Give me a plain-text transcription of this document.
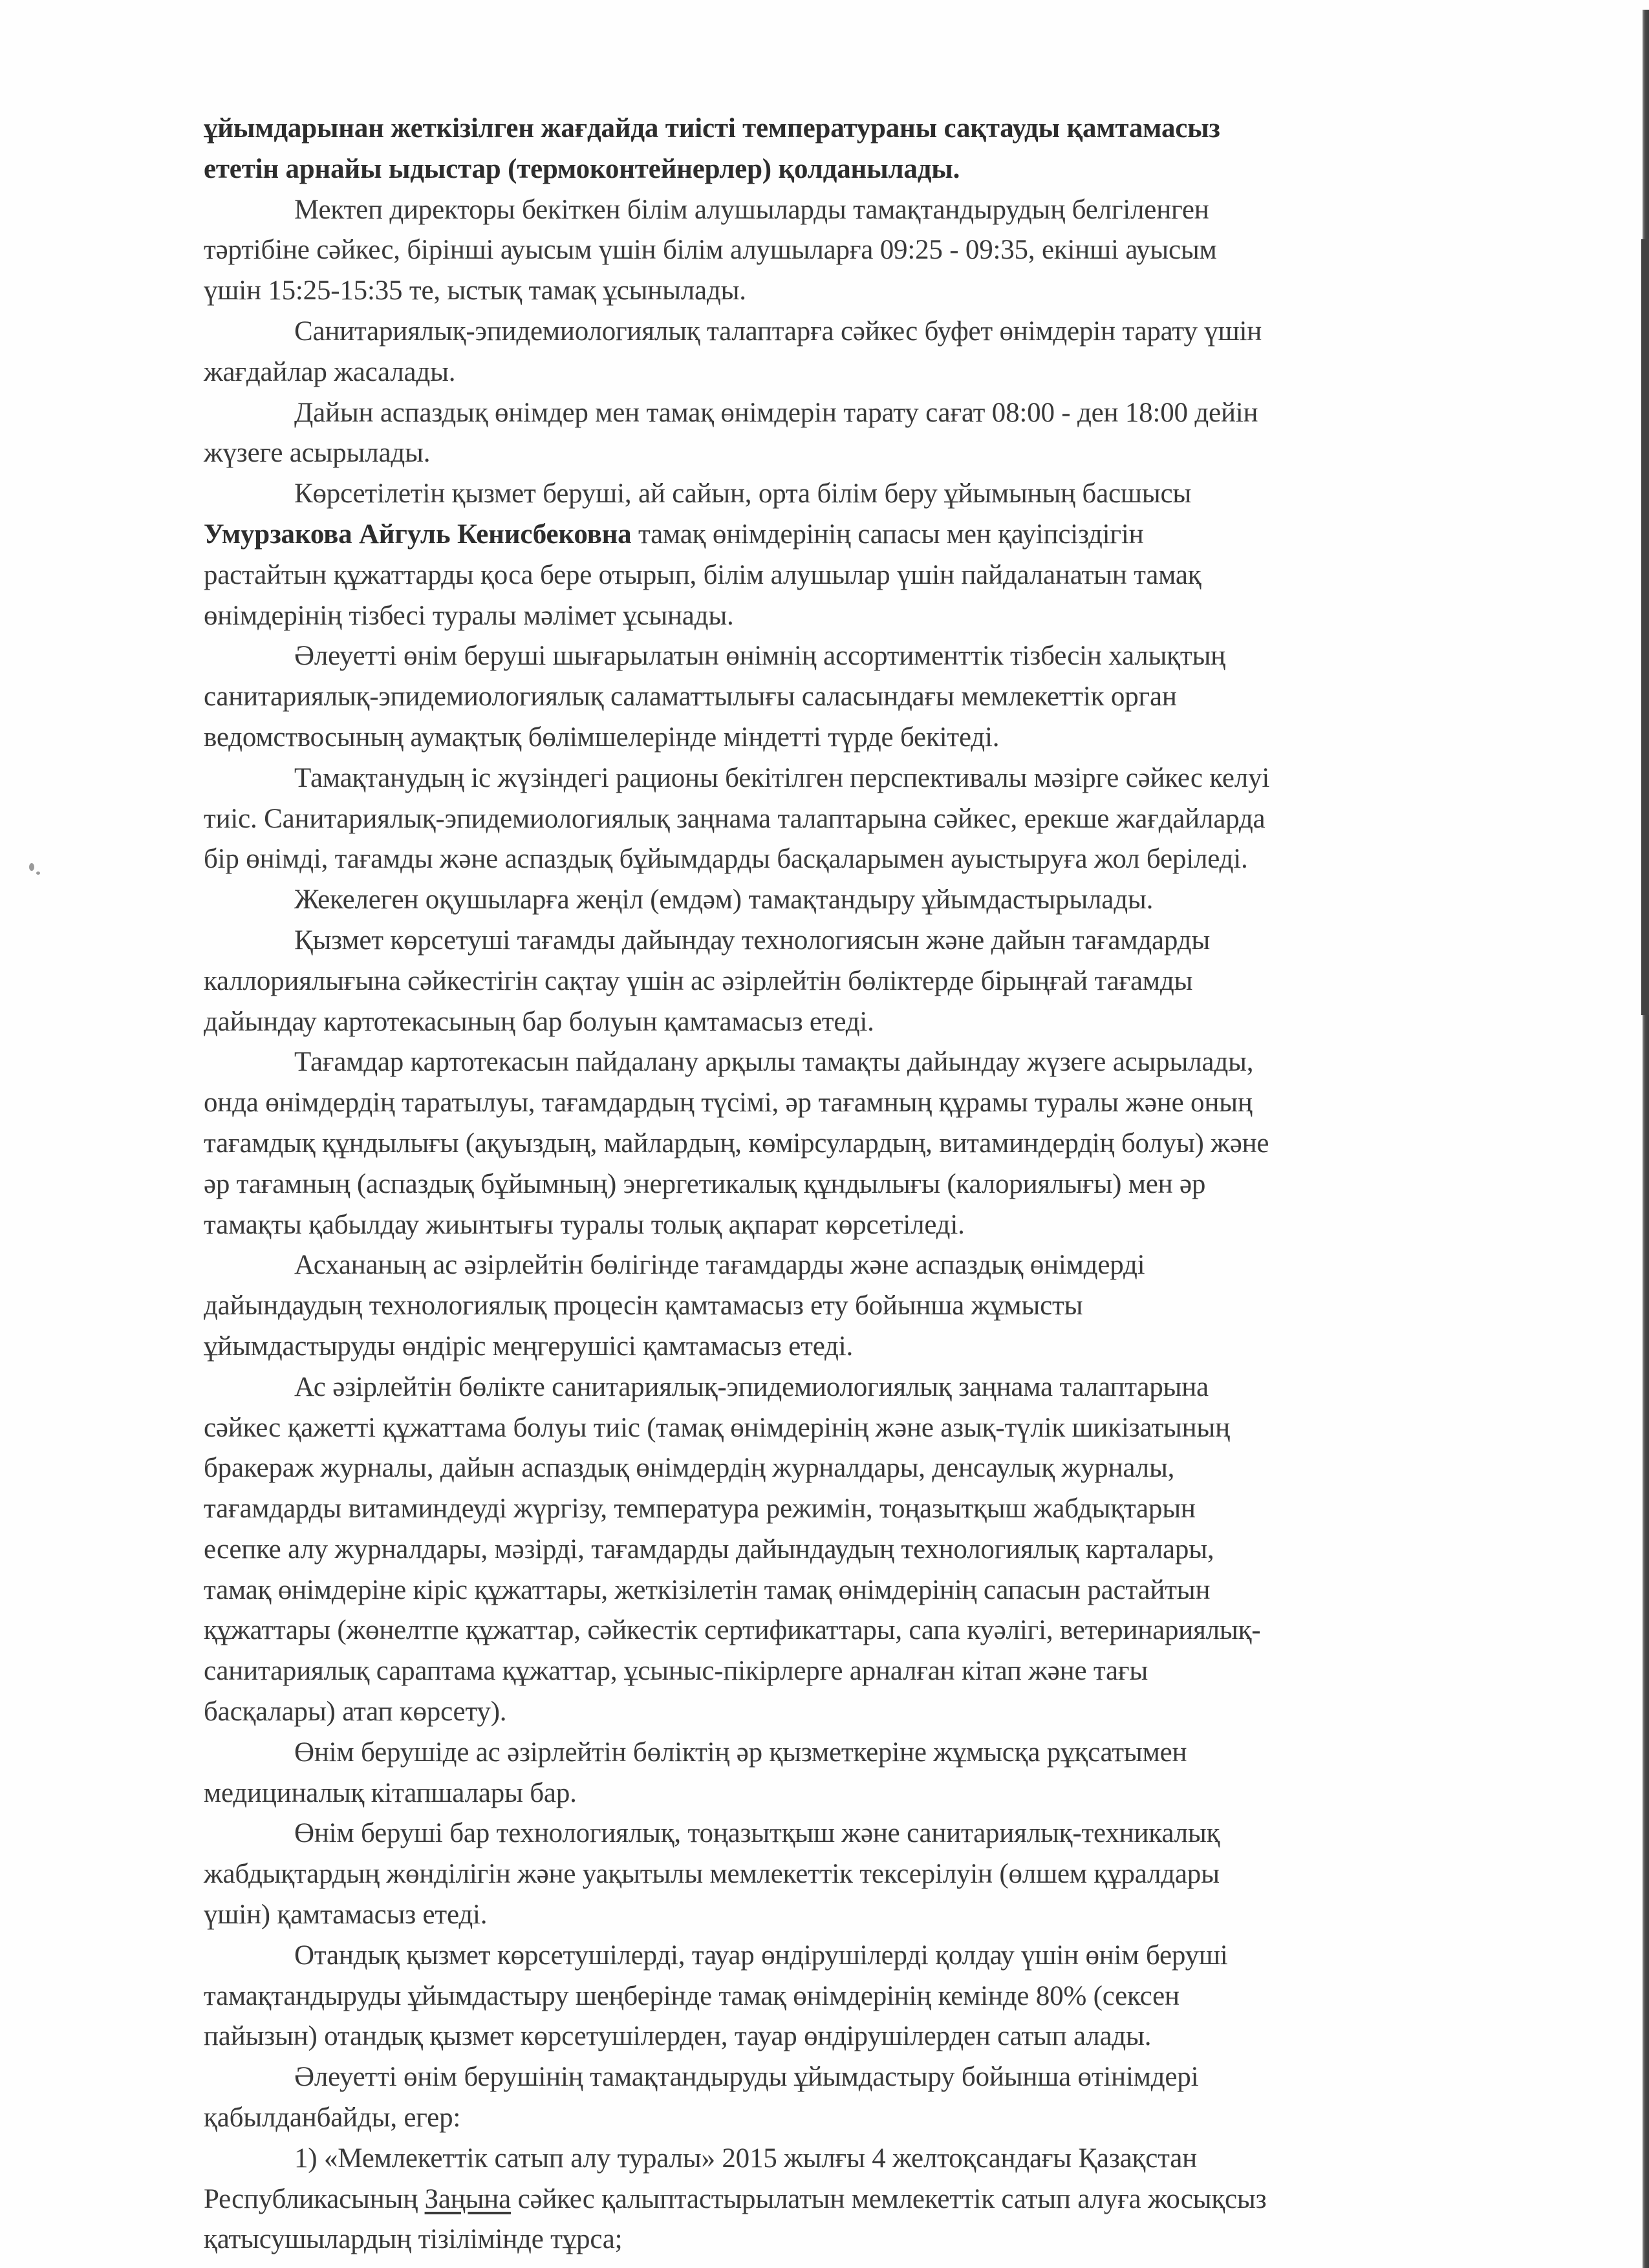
ұйымдарынан жеткізілген жағдайда тиісті температураны сақтауды қамтамасыз
ететін арнайы ыдыстар (термоконтейнерлер) қолданылады.
Мектеп директоры бекіткен білім алушыларды тамақтандырудың белгіленген
тәртібіне сәйкес, бірінші ауысым үшін білім алушыларға 09:25 - 09:35, екінші ауысым
үшін 15:25-15:35 те, ыстық тамақ ұсынылады.
Санитариялық-эпидемиологиялық талаптарға сәйкес буфет өнімдерін тарату үшін
жағдайлар жасалады.
Дайын аспаздық өнімдер мен тамақ өнімдерін тарату сағат 08:00 - ден 18:00 дейін
жүзеге асырылады.
Көрсетілетін қызмет беруші, ай сайын, орта білім беру ұйымының басшысы
Умурзакова Айгуль Кенисбековна тамақ өнімдерінің сапасы мен қауіпсіздігін
растайтын құжаттарды қоса бере отырып, білім алушылар үшін пайдаланатын тамақ
өнімдерінің тізбесі туралы мәлімет ұсынады.
Әлеуетті өнім беруші шығарылатын өнімнің ассортименттік тізбесін халықтың
санитариялық-эпидемиологиялық саламаттылығы саласындағы мемлекеттік орган
ведомствосының аумақтық бөлімшелерінде міндетті түрде бекітеді.
Тамақтанудың іс жүзіндегі рационы бекітілген перспективалы мәзірге сәйкес келуі
тиіс. Санитариялық-эпидемиологиялық заңнама талаптарына сәйкес, ерекше жағдайларда
бір өнімді, тағамды және аспаздық бұйымдарды басқаларымен ауыстыруға жол беріледі.
Жекелеген оқушыларға жеңіл (емдәм) тамақтандыру ұйымдастырылады.
Қызмет көрсетуші тағамды дайындау технологиясын және дайын тағамдарды
каллориялығына сәйкестігін сақтау үшін ас әзірлейтін бөліктерде бірыңғай тағамды
дайындау картотекасының бар болуын қамтамасыз етеді.
Тағамдар картотекасын пайдалану арқылы тамақты дайындау жүзеге асырылады,
онда өнімдердің таратылуы, тағамдардың түсімі, әр тағамның құрамы туралы және оның
тағамдық құндылығы (ақуыздың, майлардың, көмірсулардың, витаминдердің болуы) және
әр тағамның (аспаздық бұйымның) энергетикалық құндылығы (калориялығы) мен әр
тамақты қабылдау жиынтығы туралы толық ақпарат көрсетіледі.
Асхананың ас әзірлейтін бөлігінде тағамдарды және аспаздық өнімдерді
дайындаудың технологиялық процесін қамтамасыз ету бойынша жұмысты
ұйымдастыруды өндіріс меңгерушісі қамтамасыз етеді.
Ас әзірлейтін бөлікте санитариялық-эпидемиологиялық заңнама талаптарына
сәйкес қажетті құжаттама болуы тиіс (тамақ өнімдерінің және азық-түлік шикізатының
бракераж журналы, дайын аспаздық өнімдердің журналдары, денсаулық журналы,
тағамдарды витаминдеуді жүргізу, температура режимін, тоңазытқыш жабдықтарын
есепке алу журналдары, мәзірді, тағамдарды дайындаудың технологиялық карталары,
тамақ өнімдеріне кіріс құжаттары, жеткізілетін тамақ өнімдерінің сапасын растайтын
құжаттары (жөнелтпе құжаттар, сәйкестік сертификаттары, сапа куәлігі, ветеринариялық-
санитариялық сараптама құжаттар, ұсыныс-пікірлерге арналған кітап және тағы
басқалары) атап көрсету).
Өнім берушіде ас әзірлейтін бөліктің әр қызметкеріне жұмысқа рұқсатымен
медициналық кітапшалары бар.
Өнім беруші бар технологиялық, тоңазытқыш және санитариялық-техникалық
жабдықтардың жөнділігін және уақытылы мемлекеттік тексерілуін (өлшем құралдары
үшін) қамтамасыз етеді.
Отандық қызмет көрсетушілерді, тауар өндірушілерді қолдау үшін өнім беруші
тамақтандыруды ұйымдастыру шеңберінде тамақ өнімдерінің кемінде 80% (сексен
пайызын) отандық қызмет көрсетушілерден, тауар өндірушілерден сатып алады.
Әлеуетті өнім берушінің тамақтандыруды ұйымдастыру бойынша өтінімдері
қабылданбайды, егер:
1) «Мемлекеттік сатып алу туралы» 2015 жылғы 4 желтоқсандағы Қазақстан
Республикасының Заңына сәйкес қалыптастырылатын мемлекеттік сатып алуға жосықсыз
қатысушылардың тізілімінде тұрса;
